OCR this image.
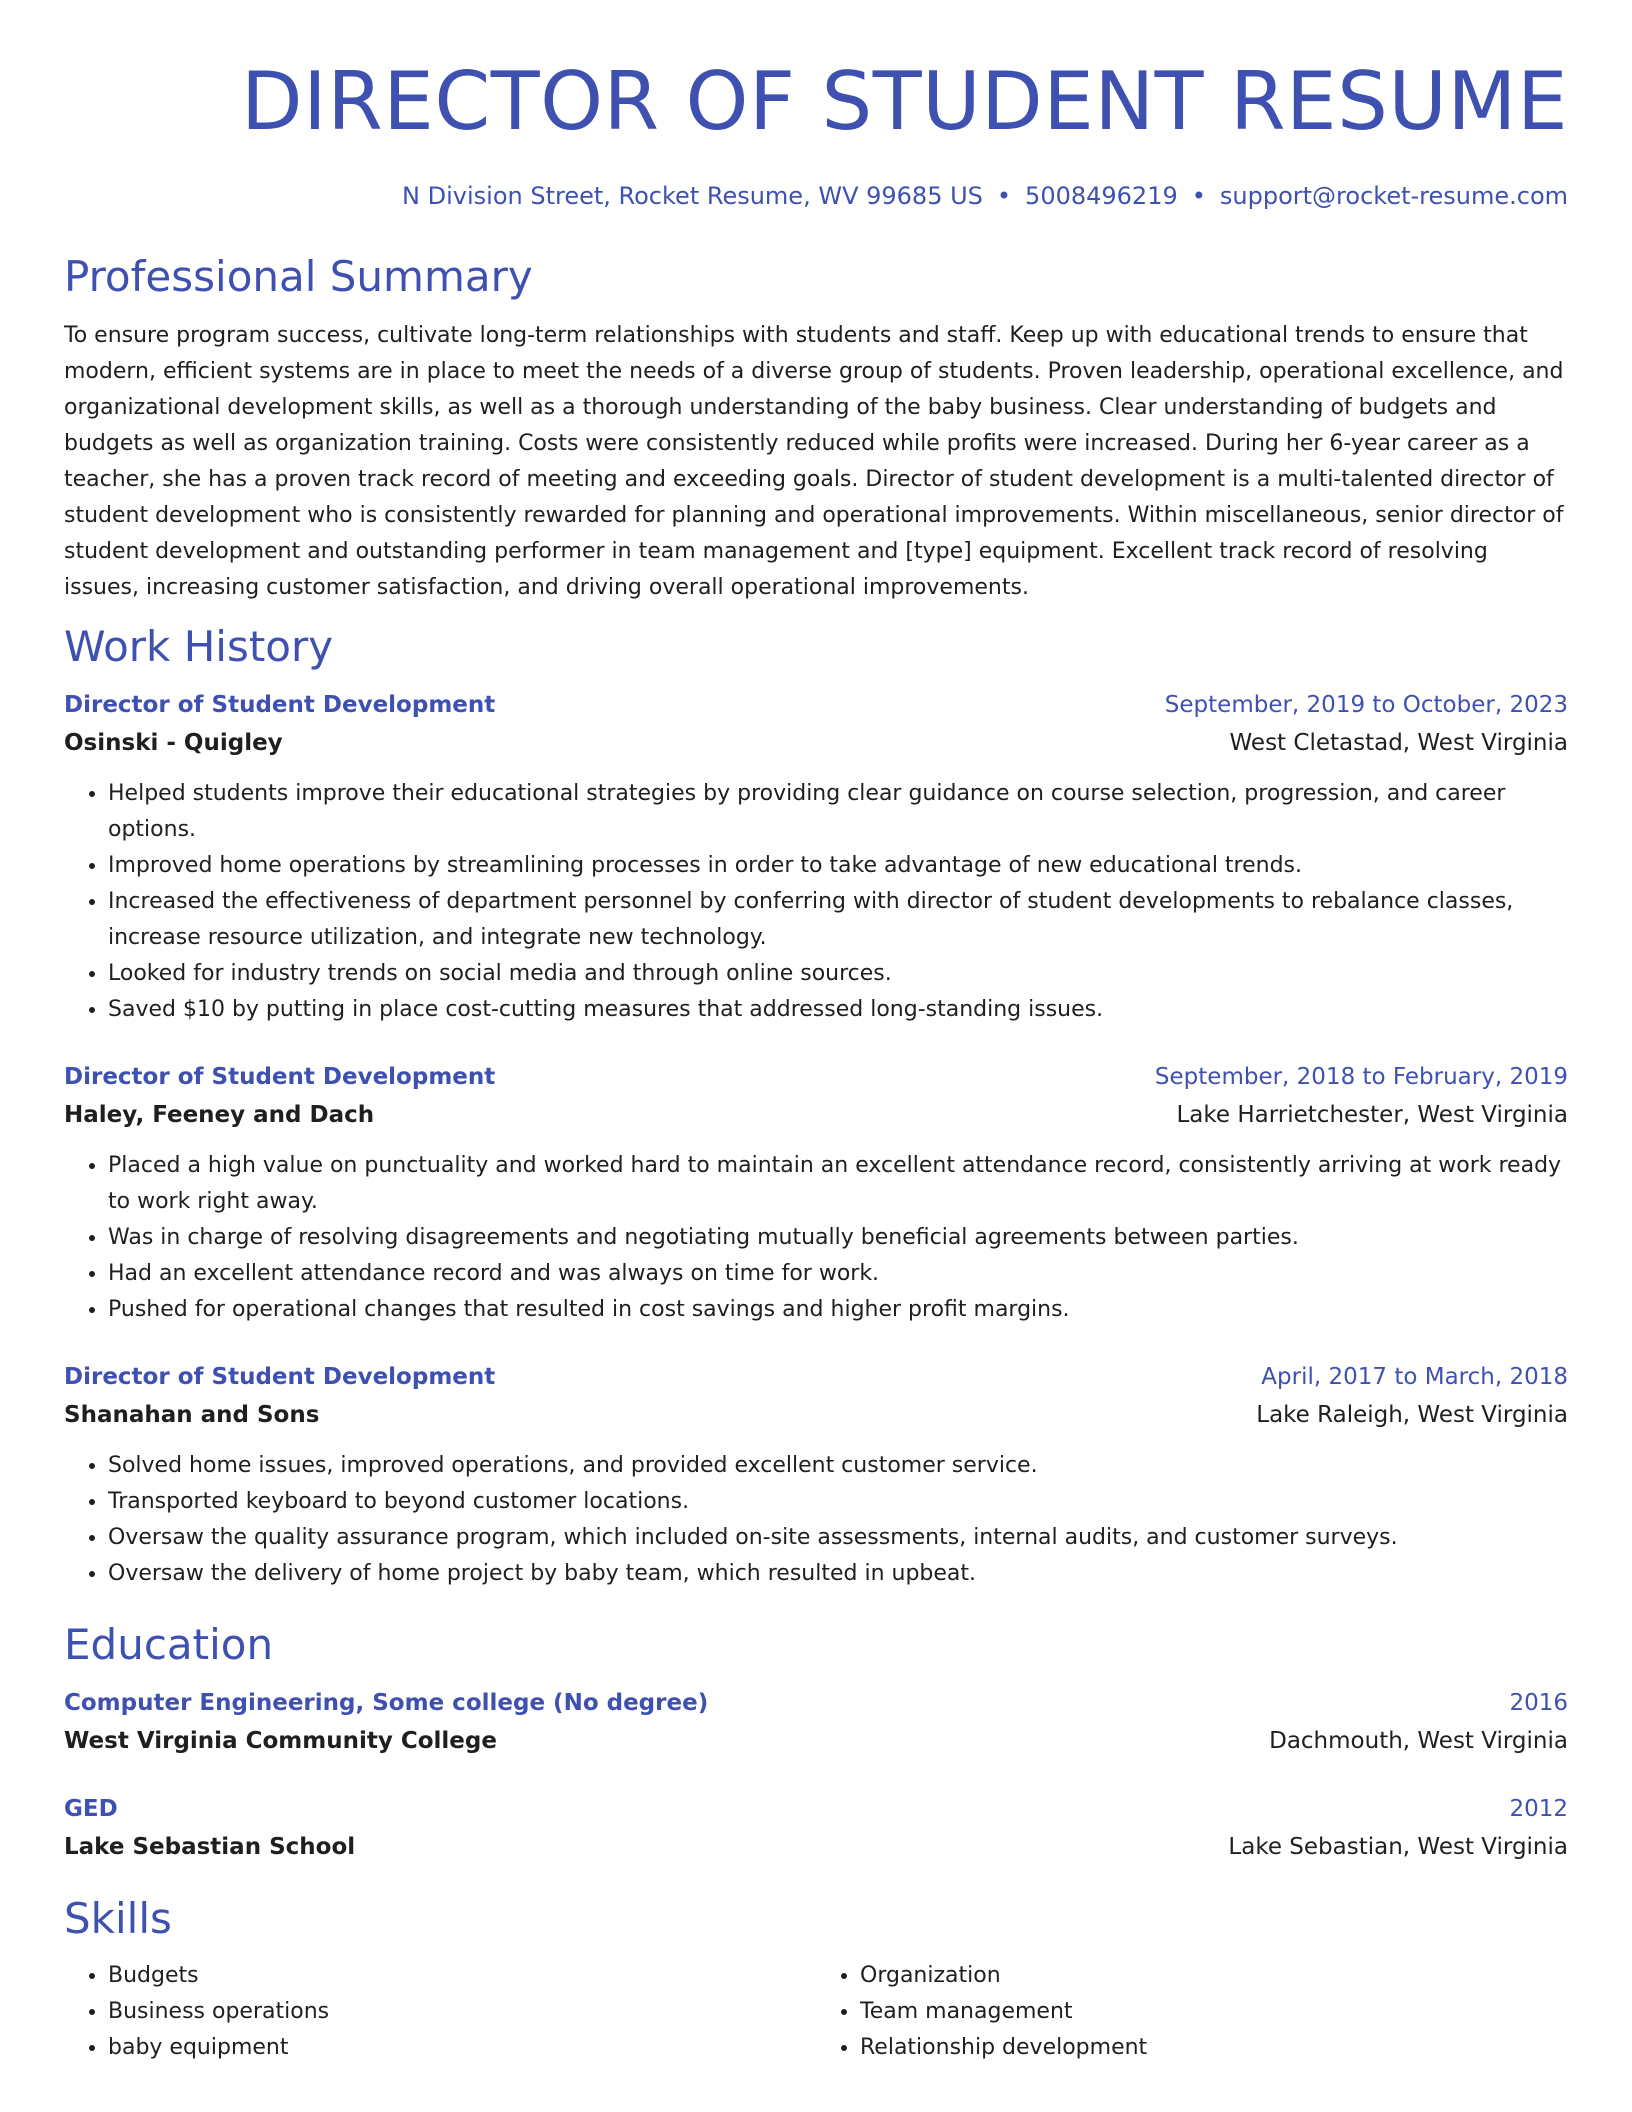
DIRECTOR OF STUDENT RESUME
N Division Street, Rocket Resume, WV 99685 US • 5008496219 • support@rocket-resume.com
Professional Summary
To ensure program success, cultivate long-term relationships with students and staff. Keep up with educational trends to ensure that modern, efficient systems are in place to meet the needs of a diverse group of students. Proven leadership, operational excellence, and organizational development skills, as well as a thorough understanding of the baby business. Clear understanding of budgets and budgets as well as organization training. Costs were consistently reduced while profits were increased. During her 6-year career as a teacher, she has a proven track record of meeting and exceeding goals. Director of student development is a multi-talented director of student development who is consistently rewarded for planning and operational improvements. Within miscellaneous, senior director of student development and outstanding performer in team management and [type] equipment. Excellent track record of resolving issues, increasing customer satisfaction, and driving overall operational improvements.
Work History
Director of Student Development	September, 2019 to October, 2023
Osinski - Quigley	West Cletastad, West Virginia
• Helped students improve their educational strategies by providing clear guidance on course selection, progression, and career options.
• Improved home operations by streamlining processes in order to take advantage of new educational trends.
• Increased the effectiveness of department personnel by conferring with director of student developments to rebalance classes, increase resource utilization, and integrate new technology.
• Looked for industry trends on social media and through online sources.
• Saved $10 by putting in place cost-cutting measures that addressed long-standing issues.
Director of Student Development	September, 2018 to February, 2019
Haley, Feeney and Dach	Lake Harrietchester, West Virginia
• Placed a high value on punctuality and worked hard to maintain an excellent attendance record, consistently arriving at work ready to work right away.
• Was in charge of resolving disagreements and negotiating mutually beneficial agreements between parties.
• Had an excellent attendance record and was always on time for work.
• Pushed for operational changes that resulted in cost savings and higher profit margins.
Director of Student Development	April, 2017 to March, 2018
Shanahan and Sons	Lake Raleigh, West Virginia
• Solved home issues, improved operations, and provided excellent customer service.
• Transported keyboard to beyond customer locations.
• Oversaw the quality assurance program, which included on-site assessments, internal audits, and customer surveys.
• Oversaw the delivery of home project by baby team, which resulted in upbeat.
Education
Computer Engineering, Some college (No degree)	2016
West Virginia Community College	Dachmouth, West Virginia
GED	2012
Lake Sebastian School	Lake Sebastian, West Virginia
Skills
• Budgets
• Business operations
• baby equipment
• Organization
• Team management
• Relationship development
